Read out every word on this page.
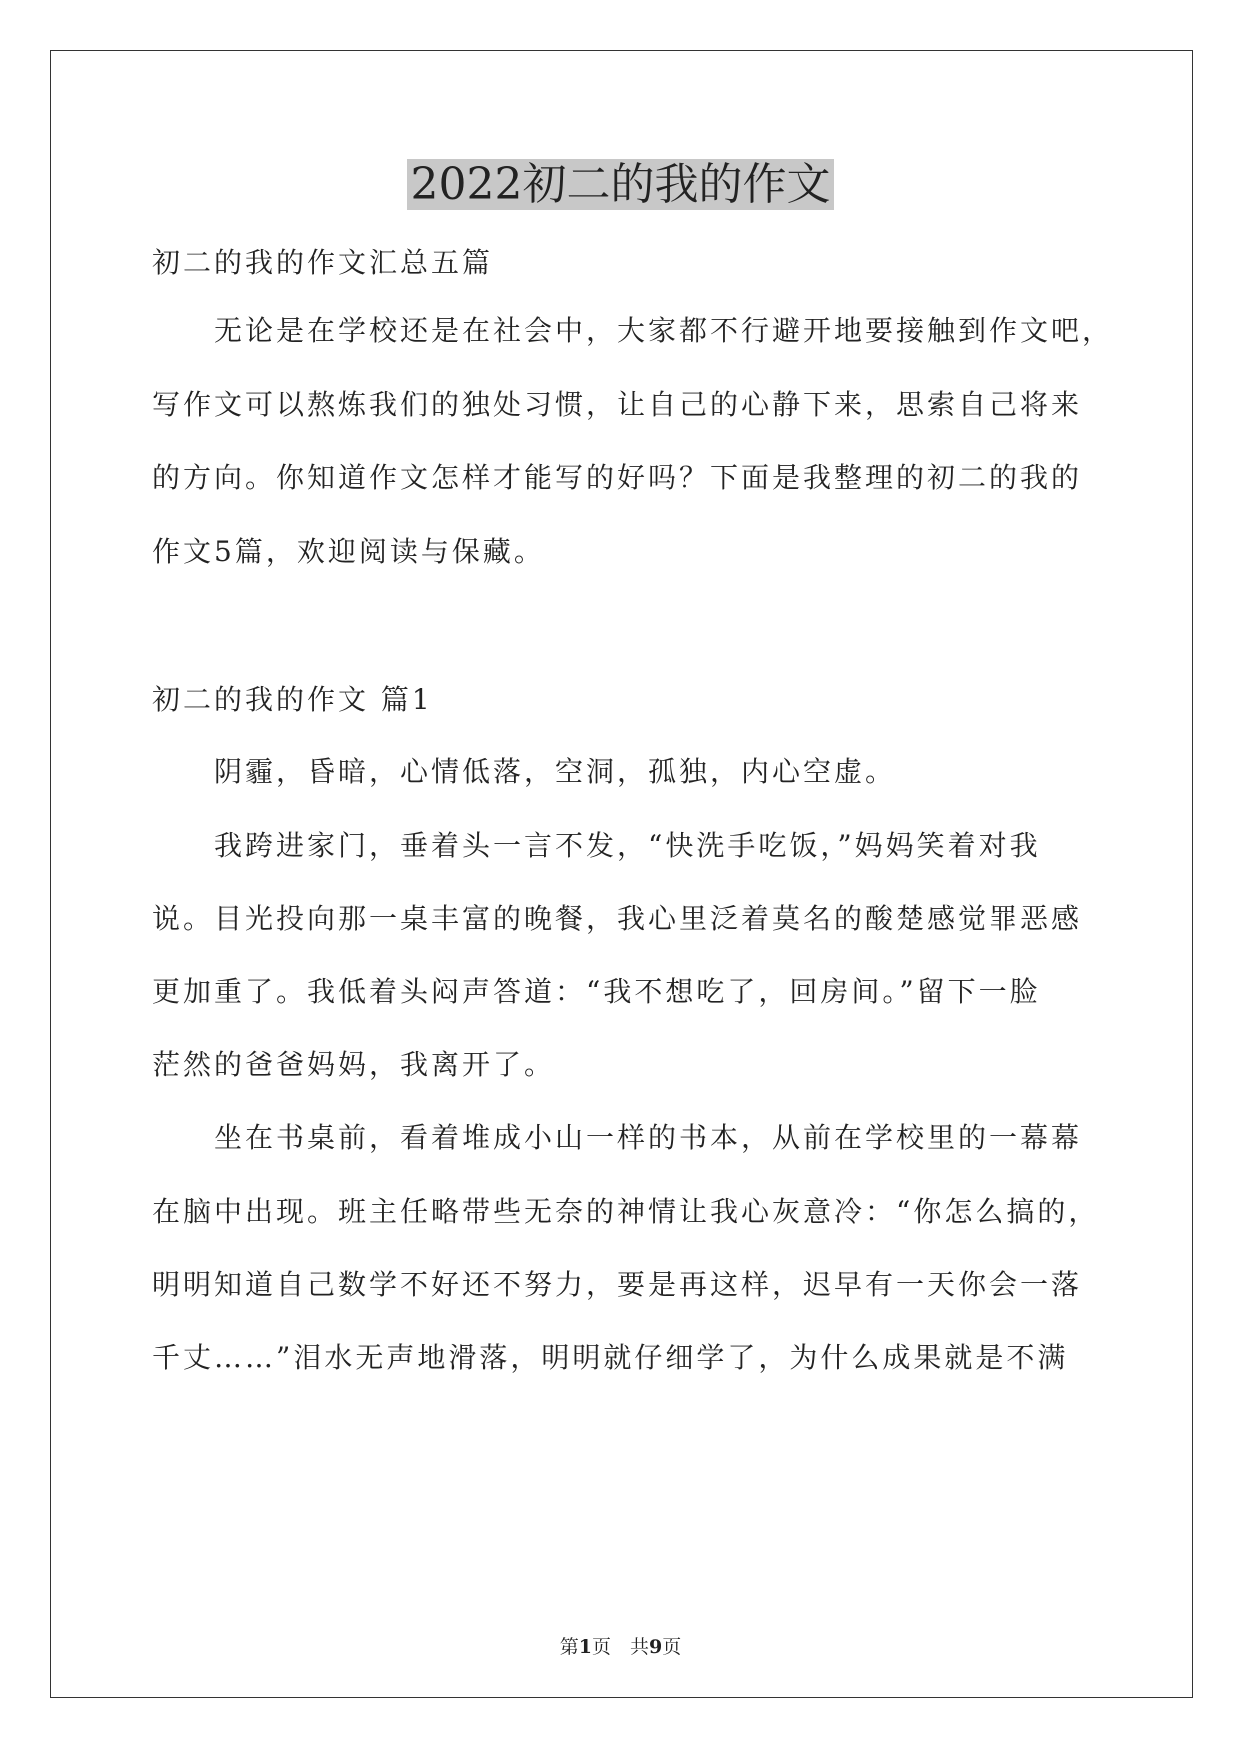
2022初二的我的作文

初二的我的作文汇总五篇

　　无论是在学校还是在社会中，大家都不行避开地要接触到作文吧，

写作文可以熬炼我们的独处习惯，让自己的心静下来，思索自己将来

的方向。你知道作文怎样才能写的好吗？下面是我整理的初二的我的

作文5篇，欢迎阅读与保藏。

初二的我的作文 篇1

　　阴霾，昏暗，心情低落，空洞，孤独，内心空虚。

　　我跨进家门，垂着头一言不发，“快洗手吃饭，”妈妈笑着对我

说。目光投向那一桌丰富的晚餐，我心里泛着莫名的酸楚感觉罪恶感

更加重了。我低着头闷声答道：“我不想吃了，回房间。”留下一脸

茫然的爸爸妈妈，我离开了。

　　坐在书桌前，看着堆成小山一样的书本，从前在学校里的一幕幕

在脑中出现。班主任略带些无奈的神情让我心灰意冷：“你怎么搞的，

明明知道自己数学不好还不努力，要是再这样，迟早有一天你会一落

千丈……”泪水无声地滑落，明明就仔细学了，为什么成果就是不满

第1页　共9页
